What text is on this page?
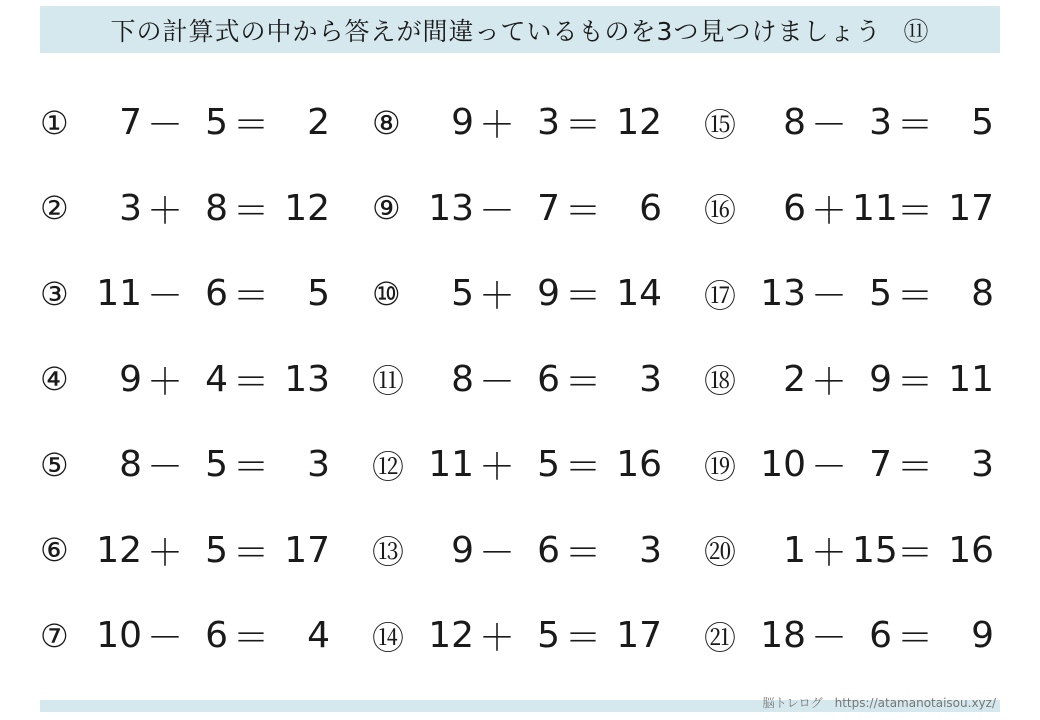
下の計算式の中から答えが間違っているものを3つ見つけましょう ⑪
①	7 － 5 ＝	2 ⑧	9 ＋ 3 ＝ 12 ⑮	8 － 3 ＝	5
②	3 ＋ 8 ＝ 12 ⑨ 13 － 7 ＝	6 ⑯	6 ＋ 11 ＝ 17
③ 11 － 6 ＝	5 ⑩	5 ＋ 9 ＝ 14 ⑰ 13 － 5 ＝	8
④	9 ＋ 4 ＝ 13 ⑪	8 － 6 ＝	3 ⑱	2 ＋ 9 ＝ 11
⑤	8 － 5 ＝	3 ⑫ 11 ＋ 5 ＝ 16 ⑲ 10 － 7 ＝	3
⑥ 12 ＋ 5 ＝ 17 ⑬	9 － 6 ＝	3 ⑳	1 ＋ 15 ＝ 16
⑦ 10 － 6 ＝	4 ⑭ 12 ＋ 5 ＝ 17 ㉑ 18 － 6 ＝	9
脳トレログ　https://atamanotaisou.xyz/
